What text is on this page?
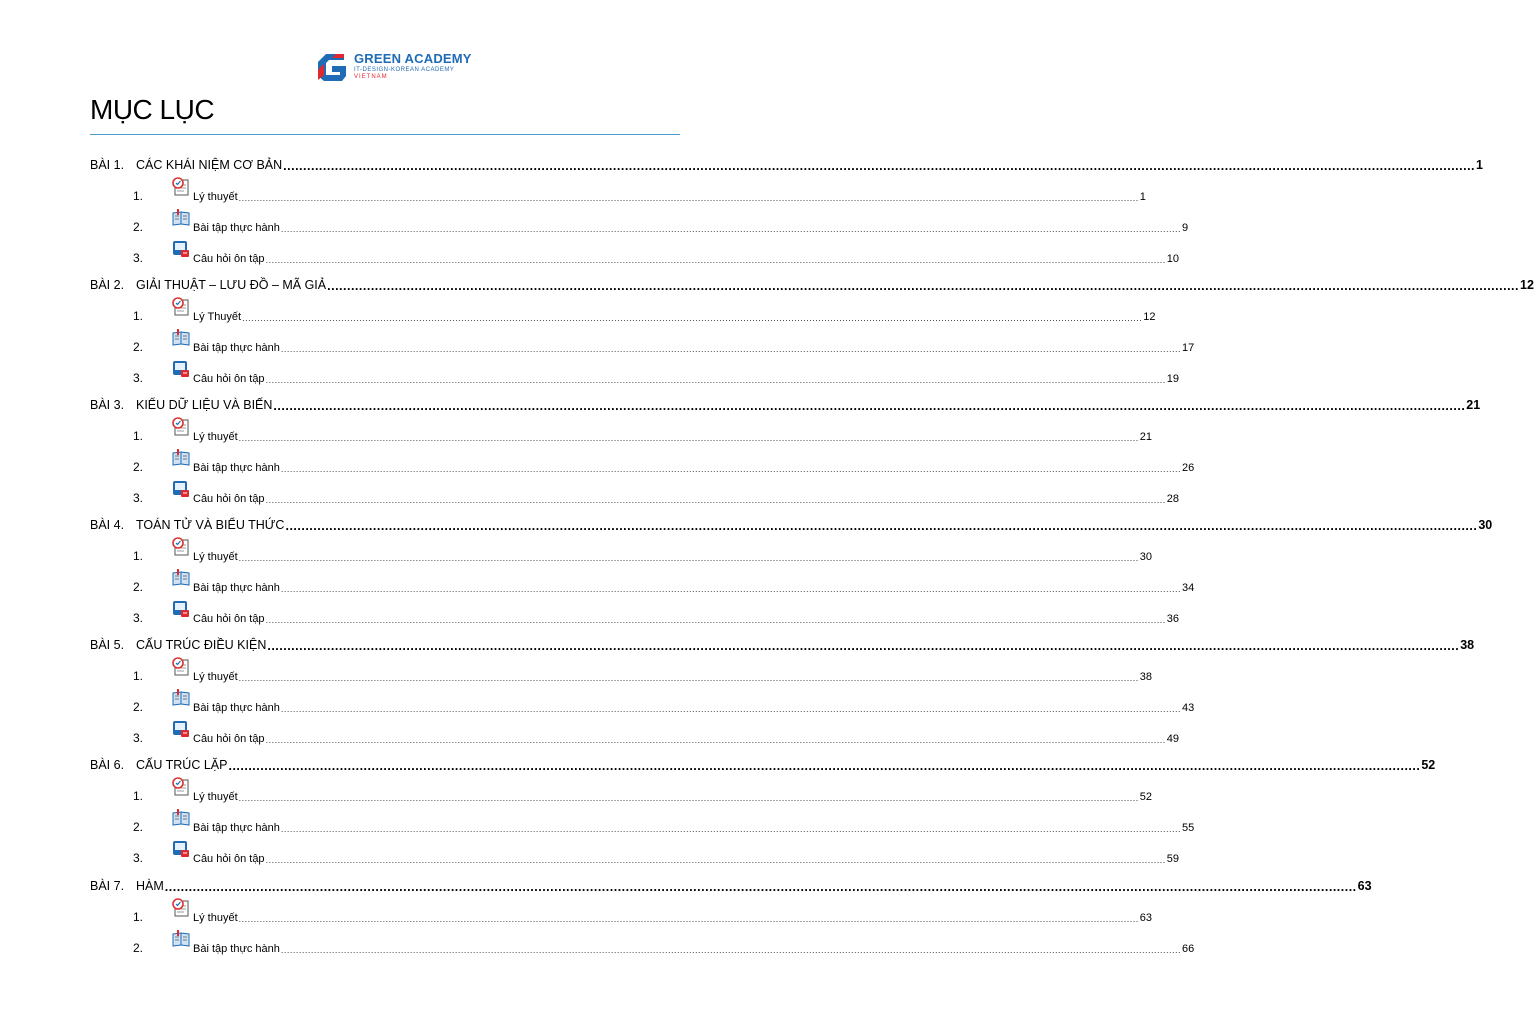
GREEN ACADEMY
IT-DESIGN-KOREAN ACADEMY
VIETNAM
MỤC LỤC
BÀI 1. CÁC KHÁI NIỆM CƠ BẢN ............................................................................................................................................................................................................................................................................................................ 1
1.	Lý thuyết ............................................................................................................................................................................................................................................................................................................ 1
2.	Bài tập thực hành ............................................................................................................................................................................................................................................................................................................ 9
3.	Câu hỏi ôn tập ............................................................................................................................................................................................................................................................................................................ 10
BÀI 2. GIẢI THUẬT – LƯU ĐỒ – MÃ GIẢ ............................................................................................................................................................................................................................................................................................................ 12
1.	Lý Thuyết ............................................................................................................................................................................................................................................................................................................ 12
2.	Bài tập thực hành ............................................................................................................................................................................................................................................................................................................ 17
3.	Câu hỏi ôn tập ............................................................................................................................................................................................................................................................................................................ 19
BÀI 3. KIỂU DỮ LIỆU VÀ BIẾN ............................................................................................................................................................................................................................................................................................................ 21
1.	Lý thuyết ............................................................................................................................................................................................................................................................................................................ 21
2.	Bài tập thực hành ............................................................................................................................................................................................................................................................................................................ 26
3.	Câu hỏi ôn tập ............................................................................................................................................................................................................................................................................................................ 28
BÀI 4. TOÁN TỬ VÀ BIỂU THỨC ............................................................................................................................................................................................................................................................................................................ 30
1.	Lý thuyết ............................................................................................................................................................................................................................................................................................................ 30
2.	Bài tập thực hành ............................................................................................................................................................................................................................................................................................................ 34
3.	Câu hỏi ôn tập ............................................................................................................................................................................................................................................................................................................ 36
BÀI 5. CẤU TRÚC ĐIỀU KIỆN ............................................................................................................................................................................................................................................................................................................ 38
1.	Lý thuyết ............................................................................................................................................................................................................................................................................................................ 38
2.	Bài tập thực hành ............................................................................................................................................................................................................................................................................................................ 43
3.	Câu hỏi ôn tập ............................................................................................................................................................................................................................................................................................................ 49
BÀI 6. CẤU TRÚC LẶP ............................................................................................................................................................................................................................................................................................................ 52
1.	Lý thuyết ............................................................................................................................................................................................................................................................................................................ 52
2.	Bài tập thực hành ............................................................................................................................................................................................................................................................................................................ 55
3.	Câu hỏi ôn tập ............................................................................................................................................................................................................................................................................................................ 59
BÀI 7. HÀM ............................................................................................................................................................................................................................................................................................................ 63
1.	Lý thuyết ............................................................................................................................................................................................................................................................................................................ 63
2.	Bài tập thực hành ............................................................................................................................................................................................................................................................................................................ 66
